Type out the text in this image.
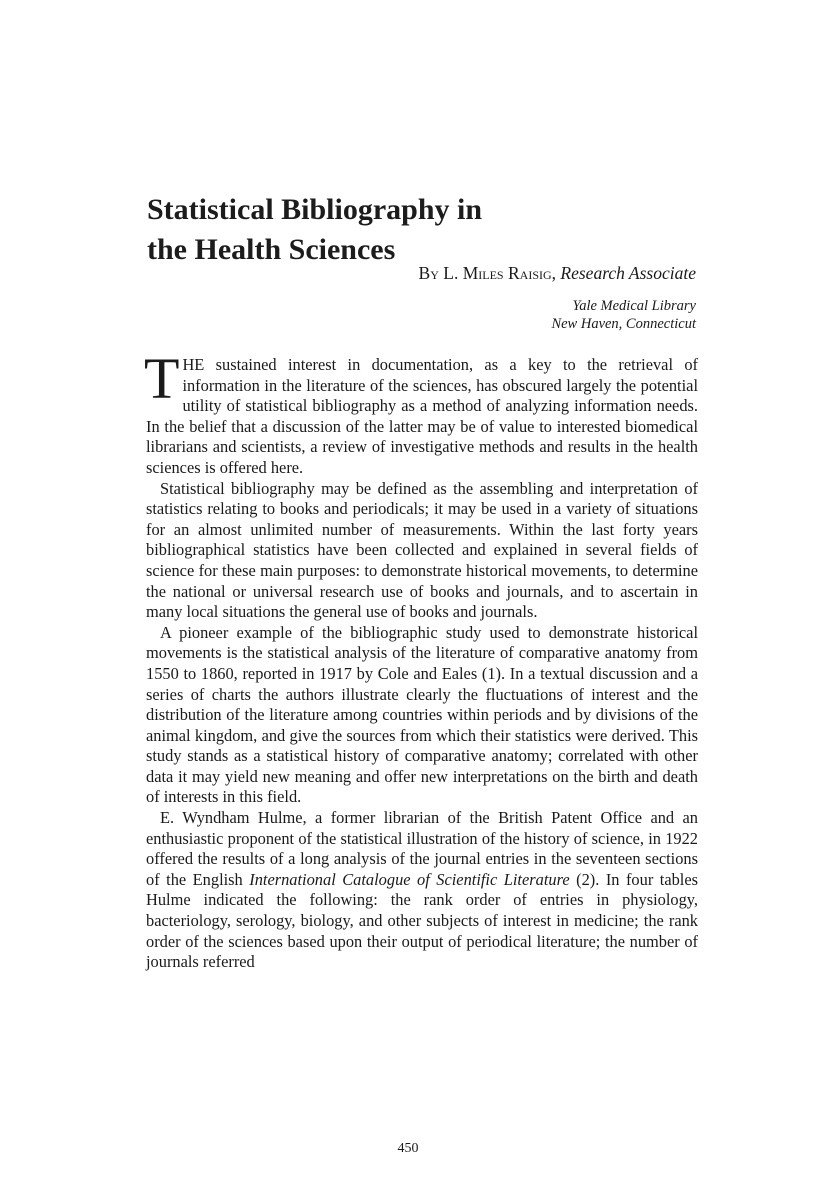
Statistical Bibliography in
the Health Sciences
By L. Miles Raisig, Research Associate
Yale Medical Library
New Haven, Connecticut

THE sustained interest in documentation, as a key to the retrieval of information in the literature of the sciences, has obscured largely the potential utility of statistical bibliography as a method of analyzing information needs. In the belief that a discussion of the latter may be of value to interested biomedical librarians and scientists, a review of investigative methods and results in the health sciences is offered here.

Statistical bibliography may be defined as the assembling and interpretation of statistics relating to books and periodicals; it may be used in a variety of situations for an almost unlimited number of measurements. Within the last forty years bibliographical statistics have been collected and explained in several fields of science for these main purposes: to demonstrate historical movements, to determine the national or universal research use of books and journals, and to ascertain in many local situations the general use of books and journals.

A pioneer example of the bibliographic study used to demonstrate historical movements is the statistical analysis of the literature of comparative anatomy from 1550 to 1860, reported in 1917 by Cole and Eales (1). In a textual discussion and a series of charts the authors illustrate clearly the fluctuations of interest and the distribution of the literature among countries within periods and by divisions of the animal kingdom, and give the sources from which their statistics were derived. This study stands as a statistical history of comparative anatomy; correlated with other data it may yield new meaning and offer new interpretations on the birth and death of interests in this field.

E. Wyndham Hulme, a former librarian of the British Patent Office and an enthusiastic proponent of the statistical illustration of the history of science, in 1922 offered the results of a long analysis of the journal entries in the seventeen sections of the English International Catalogue of Scientific Literature (2). In four tables Hulme indicated the following: the rank order of entries in physiology, bacteriology, serology, biology, and other subjects of interest in medicine; the rank order of the sciences based upon their output of periodical literature; the number of journals referred

450
